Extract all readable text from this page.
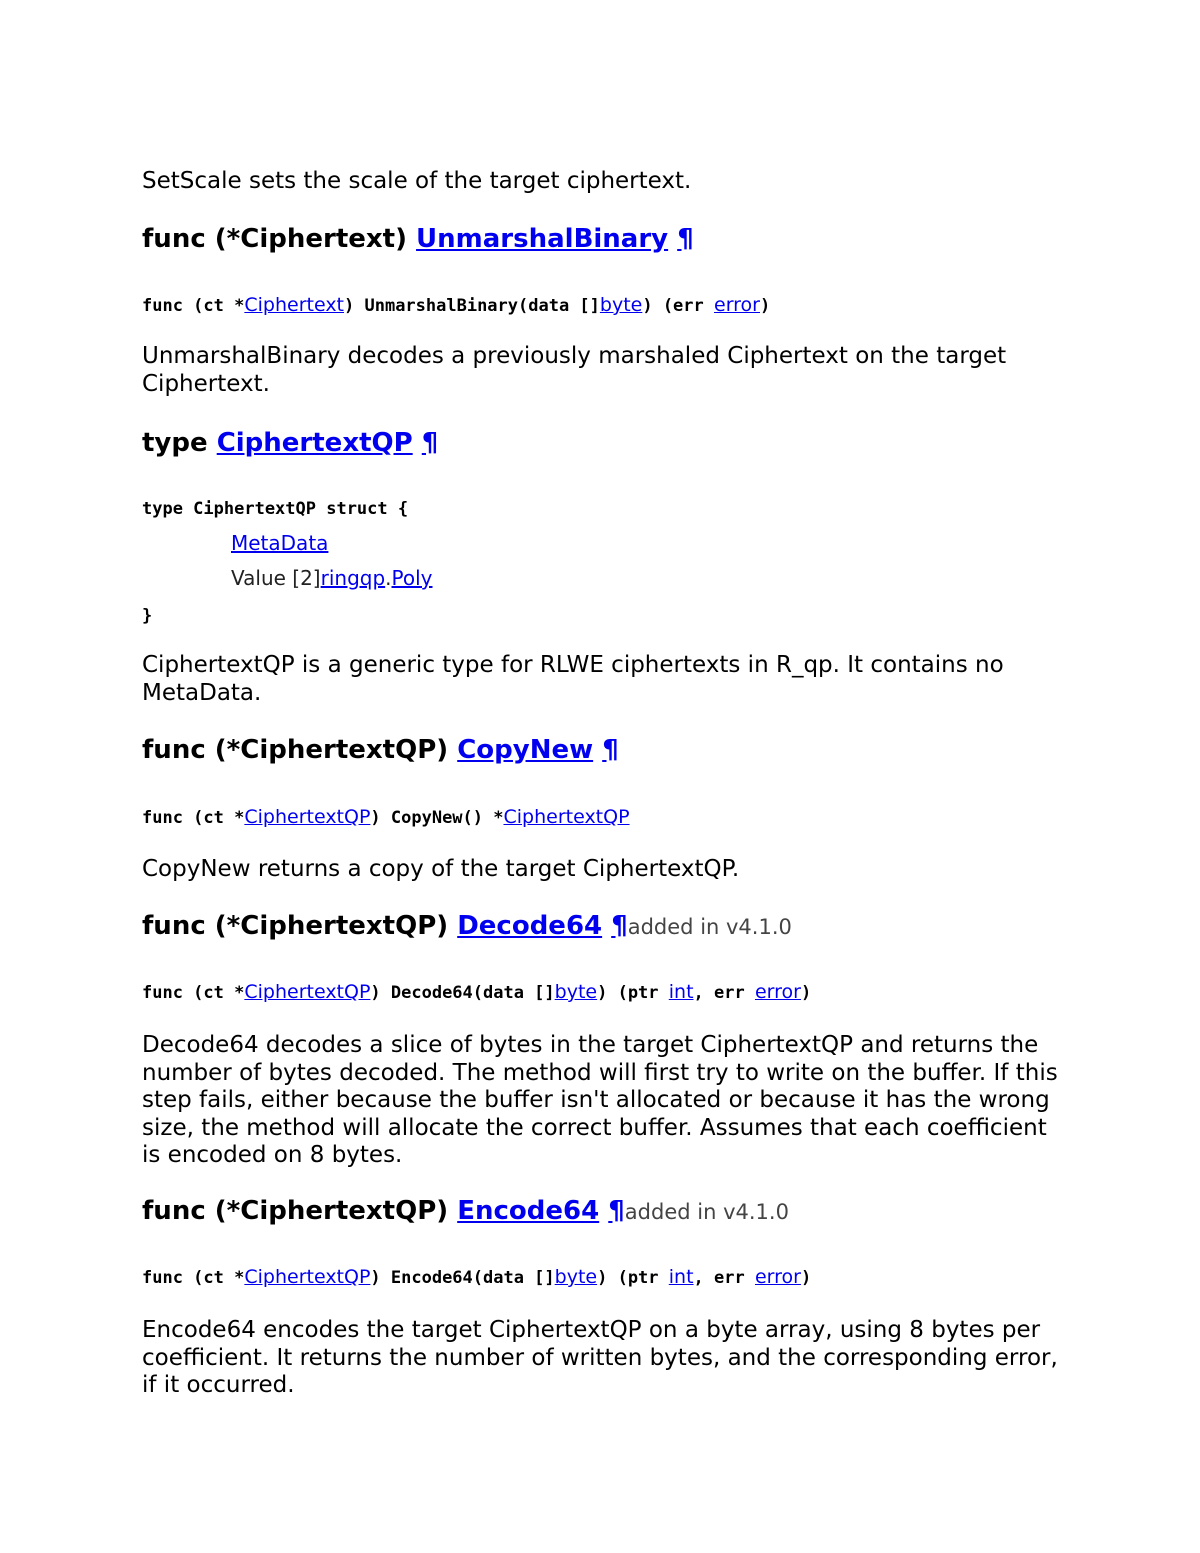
SetScale sets the scale of the target ciphertext.
func (*Ciphertext) UnmarshalBinary ¶
func (ct *Ciphertext) UnmarshalBinary(data []byte) (err error)
UnmarshalBinary decodes a previously marshaled Ciphertext on the target Ciphertext.
type CiphertextQP ¶
type CiphertextQP struct {
MetaData
Value [2]ringqp.Poly
}
CiphertextQP is a generic type for RLWE ciphertexts in R_qp. It contains no MetaData.
func (*CiphertextQP) CopyNew ¶
func (ct *CiphertextQP) CopyNew() *CiphertextQP
CopyNew returns a copy of the target CiphertextQP.
func (*CiphertextQP) Decode64 ¶added in v4.1.0
func (ct *CiphertextQP) Decode64(data []byte) (ptr int, err error)
Decode64 decodes a slice of bytes in the target CiphertextQP and returns the number of bytes decoded. The method will first try to write on the buffer. If this step fails, either because the buffer isn't allocated or because it has the wrong size, the method will allocate the correct buffer. Assumes that each coefficient is encoded on 8 bytes.
func (*CiphertextQP) Encode64 ¶added in v4.1.0
func (ct *CiphertextQP) Encode64(data []byte) (ptr int, err error)
Encode64 encodes the target CiphertextQP on a byte array, using 8 bytes per coefficient. It returns the number of written bytes, and the corresponding error, if it occurred.
